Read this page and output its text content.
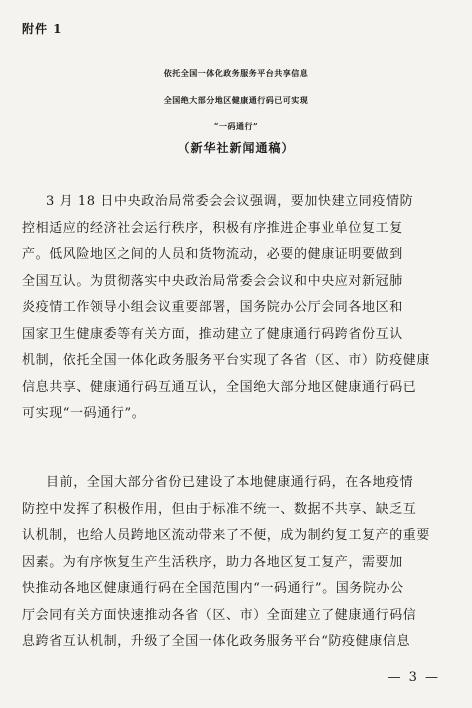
附件 1
依托全国一体化政务服务平台共享信息
全国绝大部分地区健康通行码已可实现
“一码通行”
（新华社新闻通稿）
3 月 18 日中央政治局常委会会议强调，要加快建立同疫情防
控相适应的经济社会运行秩序，积极有序推进企事业单位复工复
产。低风险地区之间的人员和货物流动，必要的健康证明要做到
全国互认。为贯彻落实中央政治局常委会会议和中央应对新冠肺
炎疫情工作领导小组会议重要部署，国务院办公厅会同各地区和
国家卫生健康委等有关方面，推动建立了健康通行码跨省份互认
机制，依托全国一体化政务服务平台实现了各省（区、市）防疫健康
信息共享、健康通行码互通互认，全国绝大部分地区健康通行码已
可实现“一码通行”。
目前，全国大部分省份已建设了本地健康通行码，在各地疫情
防控中发挥了积极作用，但由于标准不统一、数据不共享、缺乏互
认机制，也给人员跨地区流动带来了不便，成为制约复工复产的重要
因素。为有序恢复生产生活秩序，助力各地区复工复产，需要加
快推动各地区健康通行码在全国范围内“一码通行”。国务院办公
厅会同有关方面快速推动各省（区、市）全面建立了健康通行码信
息跨省互认机制，升级了全国一体化政务服务平台“防疫健康信息
— 3 —
